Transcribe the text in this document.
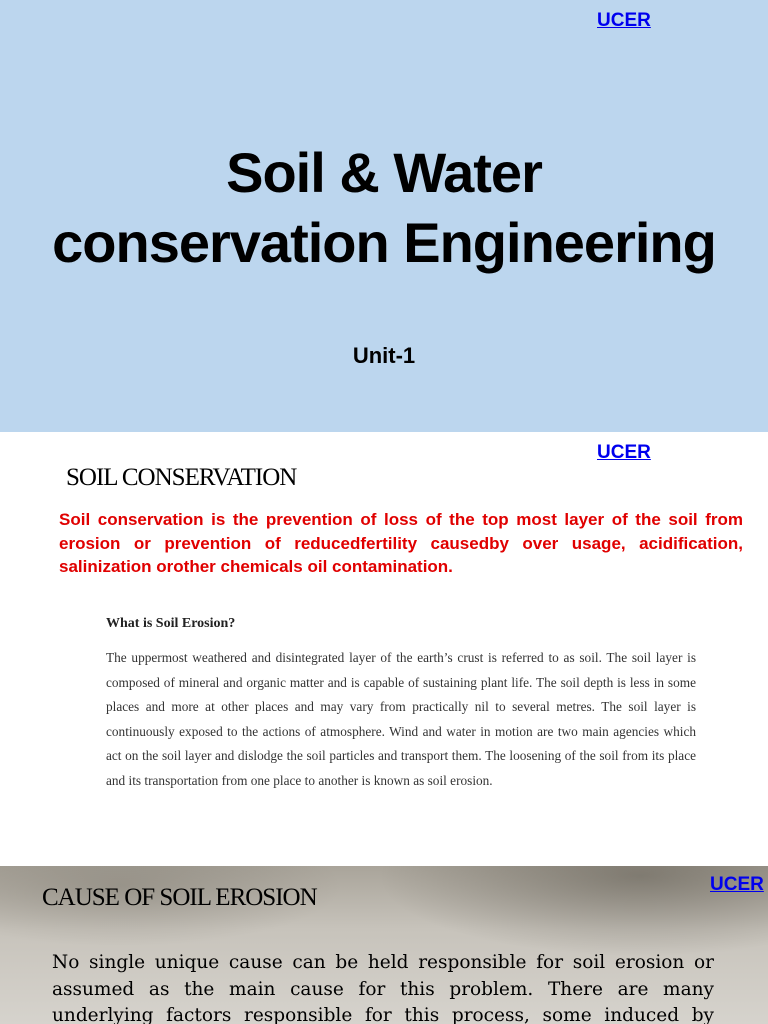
UCER
Soil & Water
conservation Engineering
Unit-1
UCER
SOIL CONSERVATION

Soil conservation is the prevention of loss of the top most layer of the soil from erosion or prevention of reducedfertility causedby over usage, acidification, salinization orother chemicals oil contamination.

What is Soil Erosion?

The uppermost weathered and disintegrated layer of the earth’s crust is referred to as soil. The soil layer is composed of mineral and organic matter and is capable of sustaining plant life. The soil depth is less in some places and more at other places and may vary from practically nil to several metres. The soil layer is continuously exposed to the actions of atmosphere. Wind and water in motion are two main agencies which act on the soil layer and dislodge the soil particles and transport them. The loosening of the soil from its place and its transportation from one place to another is known as soil erosion.

UCER
CAUSE OF SOIL EROSION

No single unique cause can be held responsible for soil erosion or assumed as the main cause for this problem. There are many underlying factors responsible for this process, some induced by
